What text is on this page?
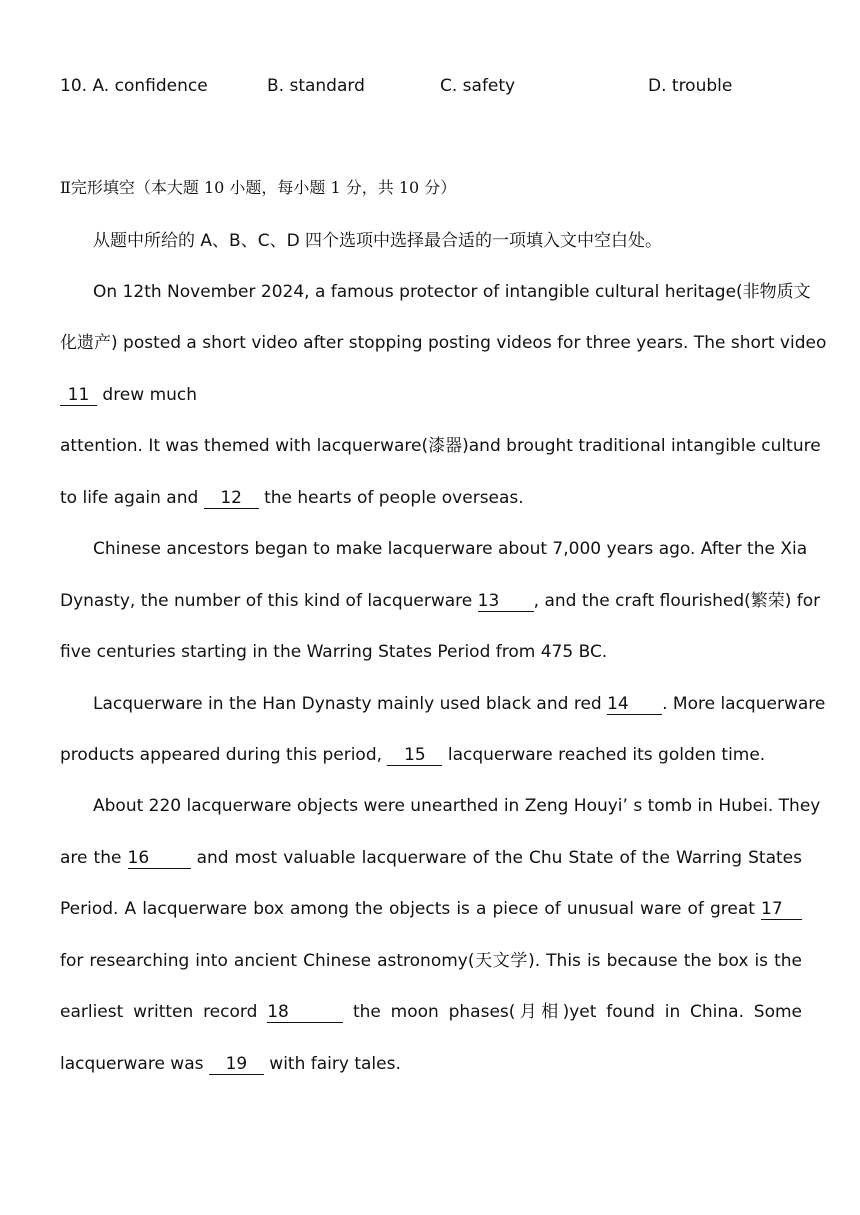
10. A. confidence	B. standard	C. safety	D. trouble
Ⅱ完形填空（本大题 10 小题，每小题 1 分，共 10 分）
从题中所给的 A、B、C、D 四个选项中选择最合适的一项填入文中空白处。
On 12th November 2024, a famous protector of intangible cultural heritage(非物质文
化遗产) posted a short video after stopping posting videos for three years. The short video
11 drew much
attention. It was themed with lacquerware(漆器)and brought traditional intangible culture
to life again and 12 the hearts of people overseas.
Chinese ancestors began to make lacquerware about 7,000 years ago. After the Xia
Dynasty, the number of this kind of lacquerware 13 , and the craft flourished(繁荣) for
five centuries starting in the Warring States Period from 475 BC.
Lacquerware in the Han Dynasty mainly used black and red 14 . More lacquerware
products appeared during this period, 15 lacquerware reached its golden time.
About 220 lacquerware objects were unearthed in Zeng Houyi’ s tomb in Hubei. They
are the 16 and most valuable lacquerware of the Chu State of the Warring States
Period. A lacquerware box among the objects is a piece of unusual ware of great 17
for researching into ancient Chinese astronomy(天文学). This is because the box is the
earliest written record 18	the moon phases(月相)yet found in China. Some
lacquerware was 19 with fairy tales.
